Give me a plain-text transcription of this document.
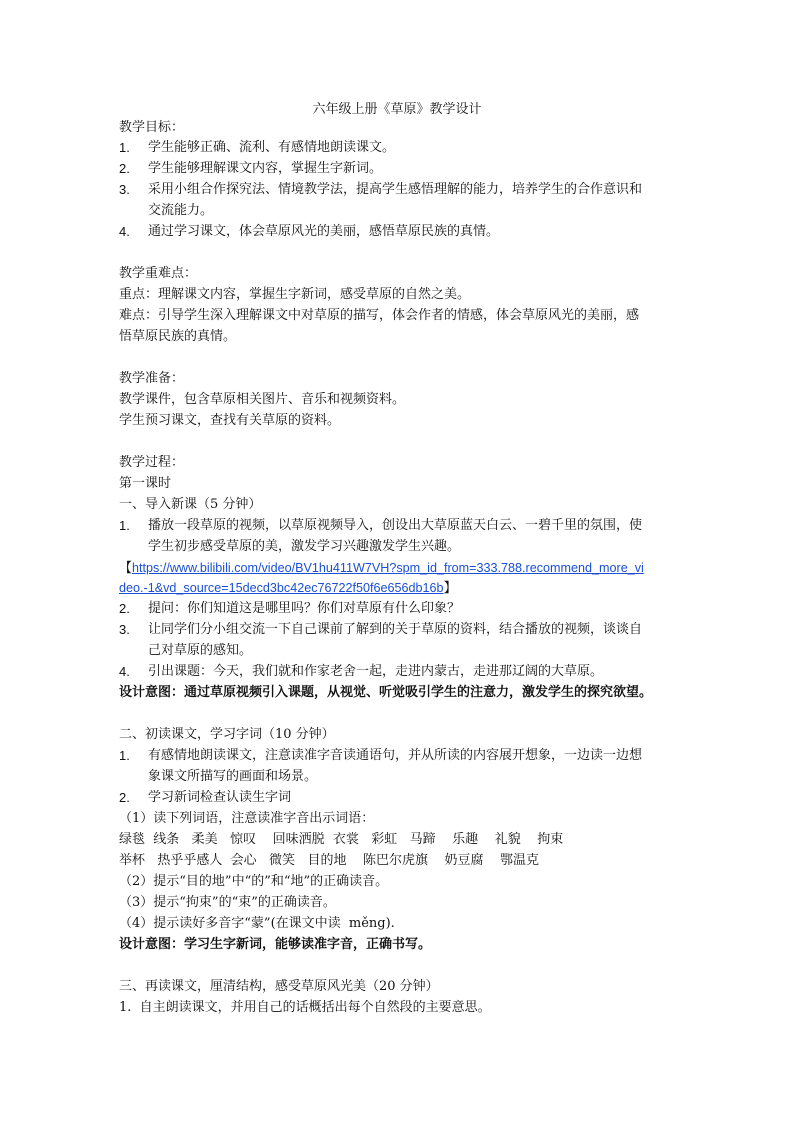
六年级上册《草原》教学设计
教学目标：
1. 学生能够正确、流利、有感情地朗读课文。
2. 学生能够理解课文内容，掌握生字新词。
3. 采用小组合作探究法、情境教学法，提高学生感悟理解的能力，培养学生的合作意识和
交流能力。
4. 通过学习课文，体会草原风光的美丽，感悟草原民族的真情。
教学重难点：
重点：理解课文内容，掌握生字新词，感受草原的自然之美。
难点：引导学生深入理解课文中对草原的描写，体会作者的情感，体会草原风光的美丽，感
悟草原民族的真情。
教学准备：
教学课件，包含草原相关图片、音乐和视频资料。
学生预习课文，查找有关草原的资料。
教学过程：
第一课时
一、导入新课（5 分钟）
1. 播放一段草原的视频，以草原视频导入，创设出大草原蓝天白云、一碧千里的氛围，使
学生初步感受草原的美，激发学习兴趣激发学生兴趣。
【https://www.bilibili.com/video/BV1hu411W7VH?spm_id_from=333.788.recommend_more_vi
deo.-1&vd_source=15decd3bc42ec76722f50f6e656db16b】
2. 提问：你们知道这是哪里吗？你们对草原有什么印象？
3. 让同学们分小组交流一下自己课前了解到的关于草原的资料，结合播放的视频，谈谈自
己对草原的感知。
4. 引出课题：今天，我们就和作家老舍一起，走进内蒙古，走进那辽阔的大草原。
设计意图：通过草原视频引入课题，从视觉、听觉吸引学生的注意力，激发学生的探究欲望。
二、初读课文，学习字词（10 分钟）
1. 有感情地朗读课文，注意读准字音读通语句，并从所读的内容展开想象，一边读一边想
象课文所描写的画面和场景。
2. 学习新词检查认读生字词
（1）读下列词语，注意读准字音出示词语：
绿毯  线条   柔美   惊叹    回味洒脱  衣裳   彩虹   马蹄    乐趣    礼貌    拘束
举杯   热乎乎感人  会心   微笑   目的地    陈巴尔虎旗    奶豆腐    鄂温克
（2）提示“目的地”中“的”和“地”的正确读音。
（3）提示“拘束”的“束”的正确读音。
（4）提示读好多音字“蒙”(在课文中读  měng).
设计意图：学习生字新词，能够读准字音，正确书写。
三、再读课文，厘清结构，感受草原风光美（20 分钟）
1.  自主朗读课文，并用自己的话概括出每个自然段的主要意思。
